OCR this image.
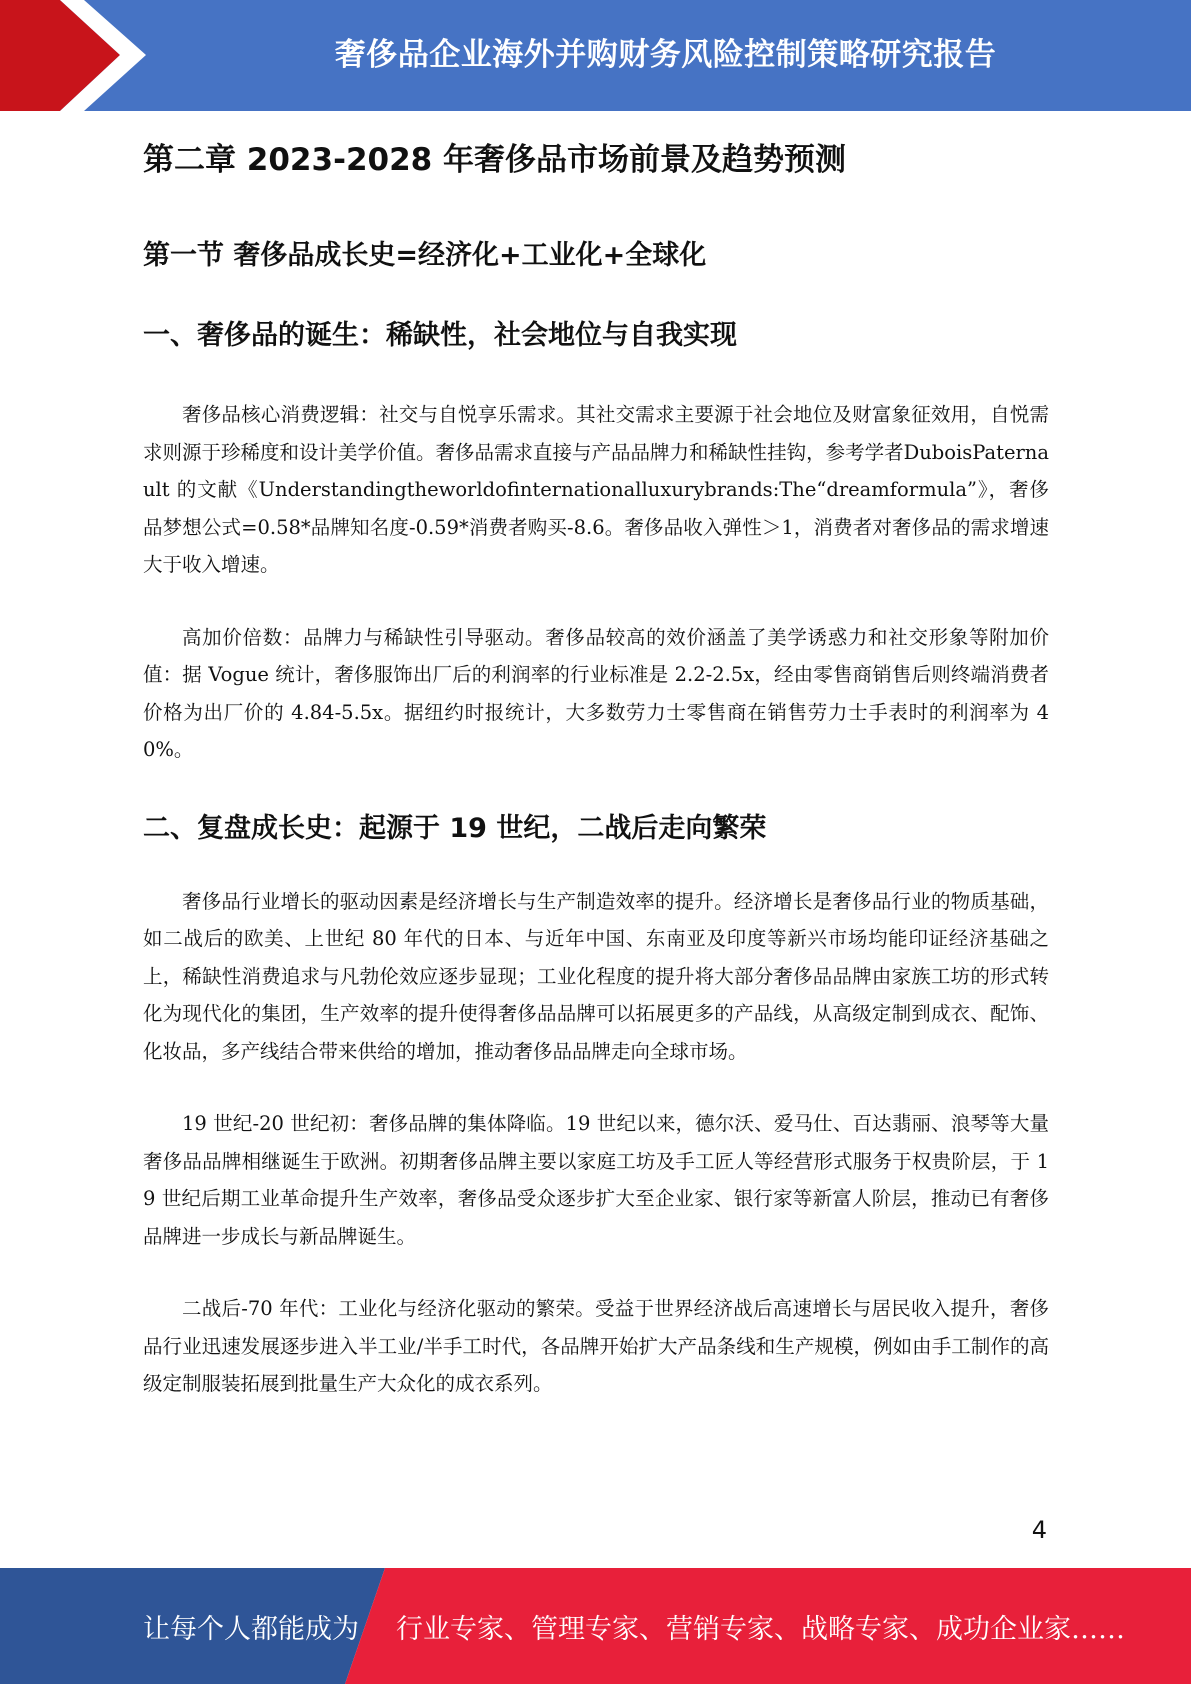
奢侈品企业海外并购财务风险控制策略研究报告
第二章 2023-2028 年奢侈品市场前景及趋势预测
第一节 奢侈品成长史=经济化+工业化+全球化
一、奢侈品的诞生：稀缺性，社会地位与自我实现

奢侈品核心消费逻辑：社交与自悦享乐需求。其社交需求主要源于社会地位及财富象征效用，自悦需求则源于珍稀度和设计美学价值。奢侈品需求直接与产品品牌力和稀缺性挂钩，参考学者DuboisPaternault 的文献《Understandingtheworldofinternationalluxurybrands:The“dreamformula”》，奢侈品梦想公式=0.58*品牌知名度-0.59*消费者购买-8.6。奢侈品收入弹性＞1，消费者对奢侈品的需求增速大于收入增速。

高加价倍数：品牌力与稀缺性引导驱动。奢侈品较高的效价涵盖了美学诱惑力和社交形象等附加价值：据 Vogue 统计，奢侈服饰出厂后的利润率的行业标准是 2.2-2.5x，经由零售商销售后则终端消费者价格为出厂价的 4.84-5.5x。据纽约时报统计，大多数劳力士零售商在销售劳力士手表时的利润率为 40%。

二、复盘成长史：起源于 19 世纪，二战后走向繁荣

奢侈品行业增长的驱动因素是经济增长与生产制造效率的提升。经济增长是奢侈品行业的物质基础，如二战后的欧美、上世纪 80 年代的日本、与近年中国、东南亚及印度等新兴市场均能印证经济基础之上，稀缺性消费追求与凡勃伦效应逐步显现；工业化程度的提升将大部分奢侈品品牌由家族工坊的形式转化为现代化的集团，生产效率的提升使得奢侈品品牌可以拓展更多的产品线，从高级定制到成衣、配饰、化妆品，多产线结合带来供给的增加，推动奢侈品品牌走向全球市场。

19 世纪-20 世纪初：奢侈品牌的集体降临。19 世纪以来，德尔沃、爱马仕、百达翡丽、浪琴等大量奢侈品品牌相继诞生于欧洲。初期奢侈品牌主要以家庭工坊及手工匠人等经营形式服务于权贵阶层，于 19 世纪后期工业革命提升生产效率，奢侈品受众逐步扩大至企业家、银行家等新富人阶层，推动已有奢侈品牌进一步成长与新品牌诞生。

二战后-70 年代：工业化与经济化驱动的繁荣。受益于世界经济战后高速增长与居民收入提升，奢侈品行业迅速发展逐步进入半工业/半手工时代，各品牌开始扩大产品条线和生产规模，例如由手工制作的高级定制服装拓展到批量生产大众化的成衣系列。

4
让每个人都能成为 行业专家、管理专家、营销专家、战略专家、成功企业家……
